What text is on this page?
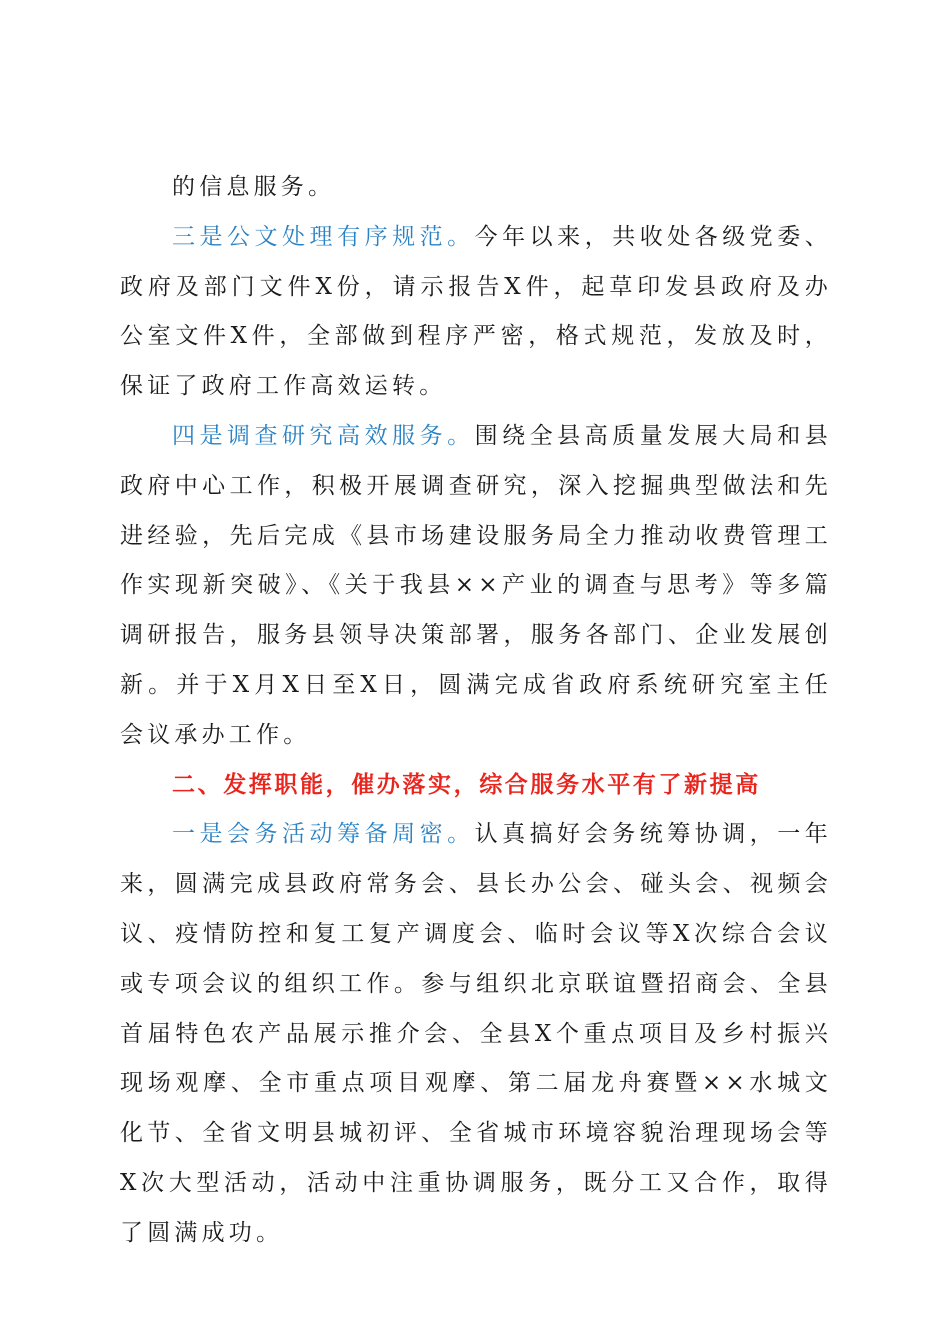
的信息服务。

三是公文处理有序规范。今年以来，共收处各级党委、政府及部门文件X份，请示报告X件，起草印发县政府及办公室文件X件，全部做到程序严密，格式规范，发放及时，保证了政府工作高效运转。

四是调查研究高效服务。围绕全县高质量发展大局和县政府中心工作，积极开展调查研究，深入挖掘典型做法和先进经验，先后完成《县市场建设服务局全力推动收费管理工作实现新突破》、《关于我县××产业的调查与思考》等多篇调研报告，服务县领导决策部署，服务各部门、企业发展创新。并于X月X日至X日，圆满完成省政府系统研究室主任会议承办工作。

二、发挥职能，催办落实，综合服务水平有了新提高

一是会务活动筹备周密。认真搞好会务统筹协调，一年来，圆满完成县政府常务会、县长办公会、碰头会、视频会议、疫情防控和复工复产调度会、临时会议等X次综合会议或专项会议的组织工作。参与组织北京联谊暨招商会、全县首届特色农产品展示推介会、全县X个重点项目及乡村振兴现场观摩、全市重点项目观摩、第二届龙舟赛暨××水城文化节、全省文明县城初评、全省城市环境容貌治理现场会等X次大型活动，活动中注重协调服务，既分工又合作，取得了圆满成功。
